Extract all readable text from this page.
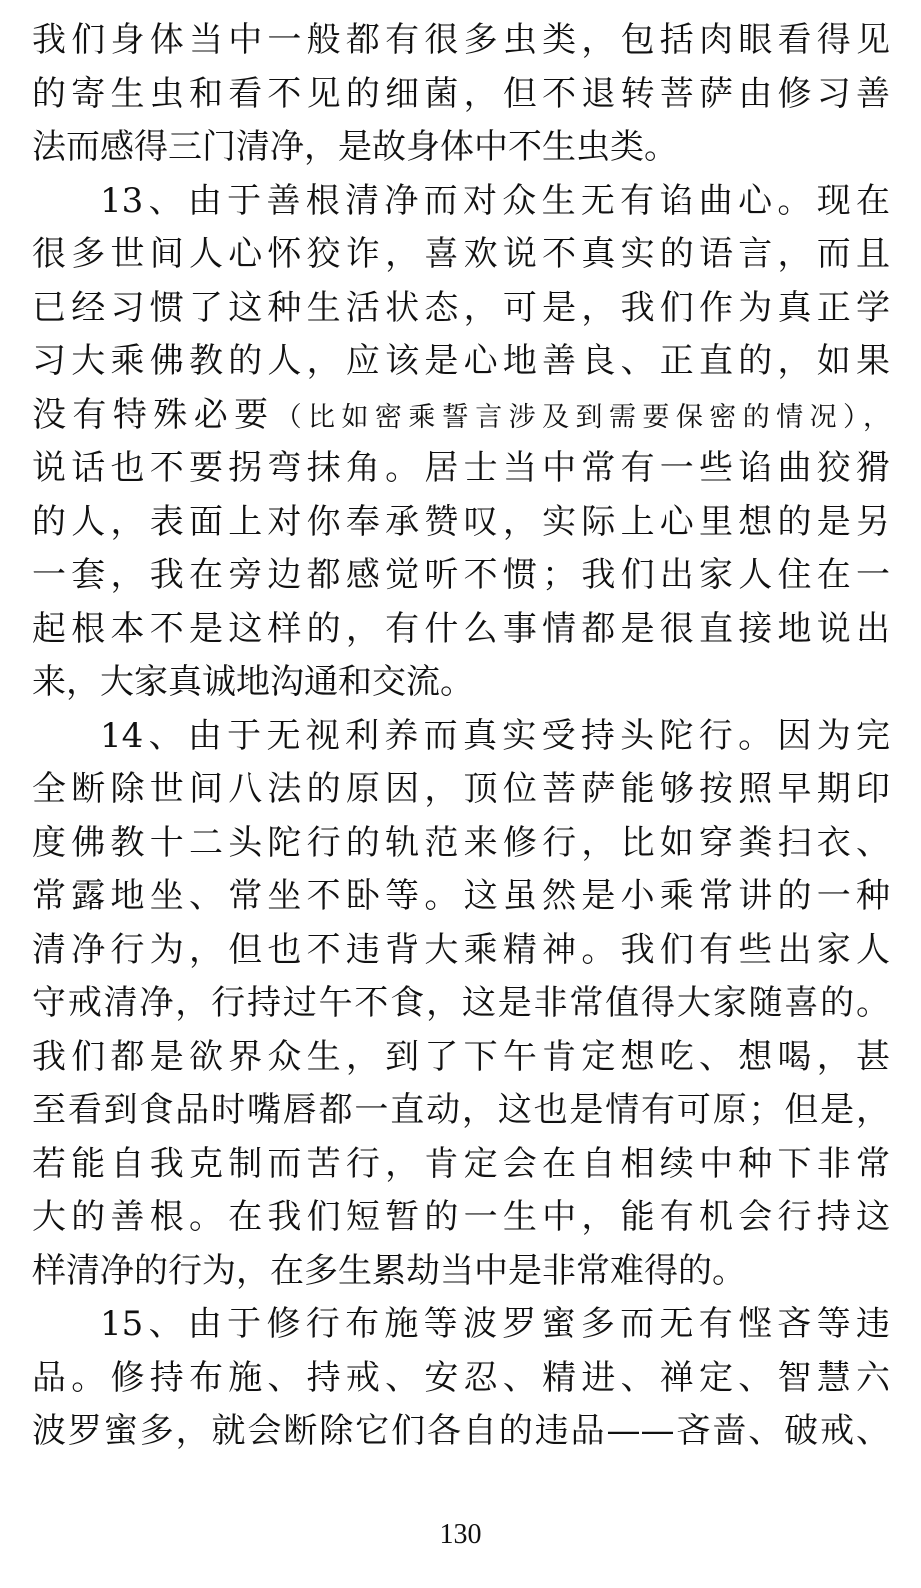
我们身体当中一般都有很多虫类，包括肉眼看得见
的寄生虫和看不见的细菌，但不退转菩萨由修习善
法而感得三门清净，是故身体中不生虫类。
13、由于善根清净而对众生无有谄曲心。现在
很多世间人心怀狡诈，喜欢说不真实的语言，而且
已经习惯了这种生活状态，可是，我们作为真正学
习大乘佛教的人，应该是心地善良、正直的，如果
没有特殊必要（比如密乘誓言涉及到需要保密的情况），
说话也不要拐弯抹角。居士当中常有一些谄曲狡猾
的人，表面上对你奉承赞叹，实际上心里想的是另
一套，我在旁边都感觉听不惯；我们出家人住在一
起根本不是这样的，有什么事情都是很直接地说出
来，大家真诚地沟通和交流。
14、由于无视利养而真实受持头陀行。因为完
全断除世间八法的原因，顶位菩萨能够按照早期印
度佛教十二头陀行的轨范来修行，比如穿粪扫衣、
常露地坐、常坐不卧等。这虽然是小乘常讲的一种
清净行为，但也不违背大乘精神。我们有些出家人
守戒清净，行持过午不食，这是非常值得大家随喜的。
我们都是欲界众生，到了下午肯定想吃、想喝，甚
至看到食品时嘴唇都一直动，这也是情有可原；但是，
若能自我克制而苦行，肯定会在自相续中种下非常
大的善根。在我们短暂的一生中，能有机会行持这
样清净的行为，在多生累劫当中是非常难得的。
15、由于修行布施等波罗蜜多而无有悭吝等违
品。修持布施、持戒、安忍、精进、禅定、智慧六
波罗蜜多，就会断除它们各自的违品——吝啬、破戒、
130
